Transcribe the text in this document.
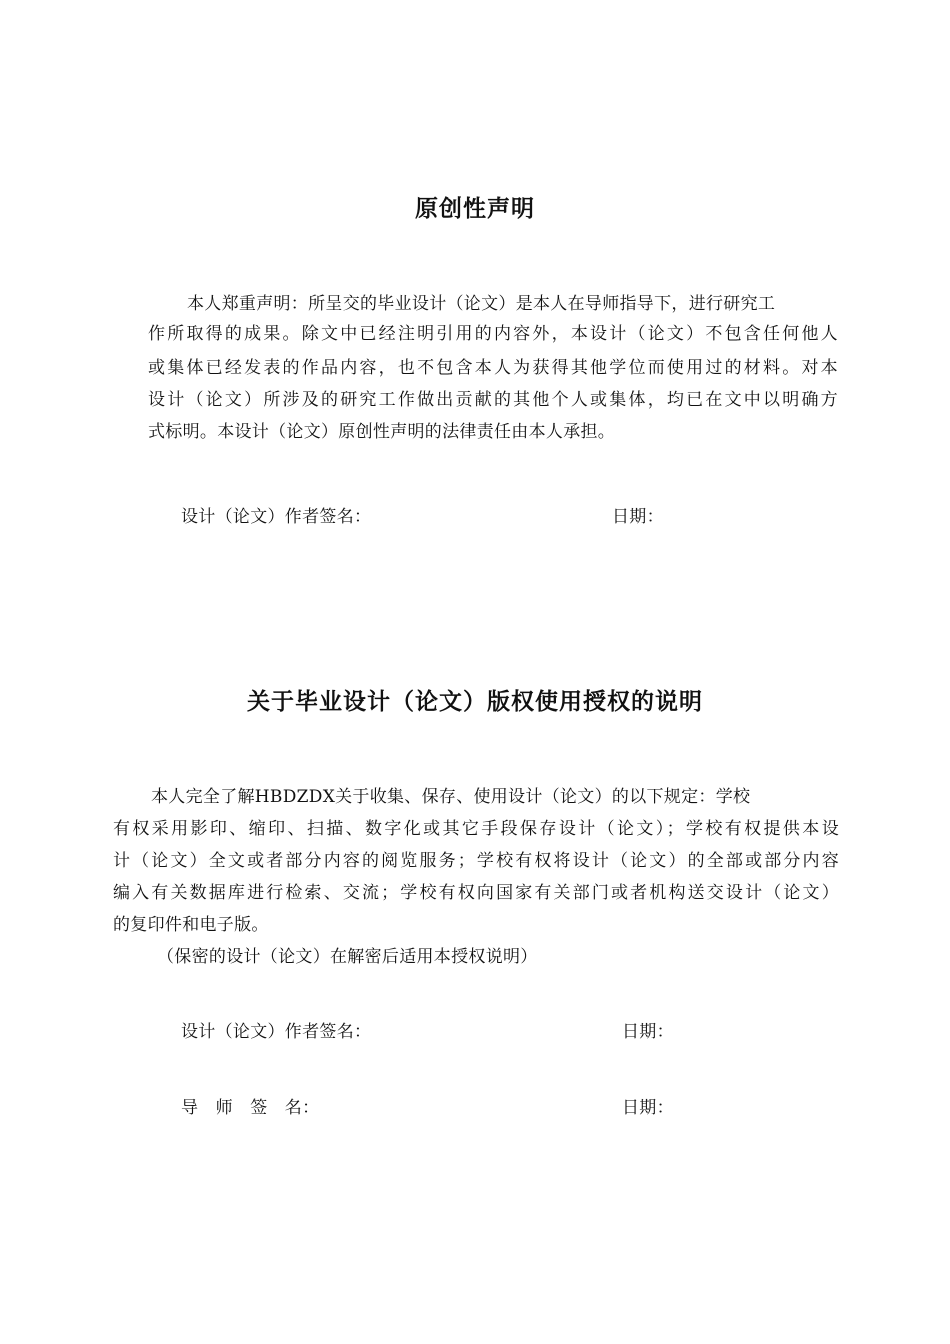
原创性声明
本人郑重声明：所呈交的毕业设计（论文）是本人在导师指导下，进行研究工
作所取得的成果。除文中已经注明引用的内容外，本设计（论文）不包含任何他人
或集体已经发表的作品内容，也不包含本人为获得其他学位而使用过的材料。对本
设计（论文）所涉及的研究工作做出贡献的其他个人或集体，均已在文中以明确方
式标明。本设计（论文）原创性声明的法律责任由本人承担。
设计（论文）作者签名：	日期：
关于毕业设计（论文）版权使用授权的说明
本人完全了解HBDZDX关于收集、保存、使用设计（论文）的以下规定：学校
有权采用影印、缩印、扫描、数字化或其它手段保存设计（论文）；学校有权提供本设
计（论文）全文或者部分内容的阅览服务；学校有权将设计（论文）的全部或部分内容
编入有关数据库进行检索、交流；学校有权向国家有关部门或者机构送交设计（论文）
的复印件和电子版。
（保密的设计（论文）在解密后适用本授权说明）
设计（论文）作者签名：	日期：
导　师　签　名：	日期：
